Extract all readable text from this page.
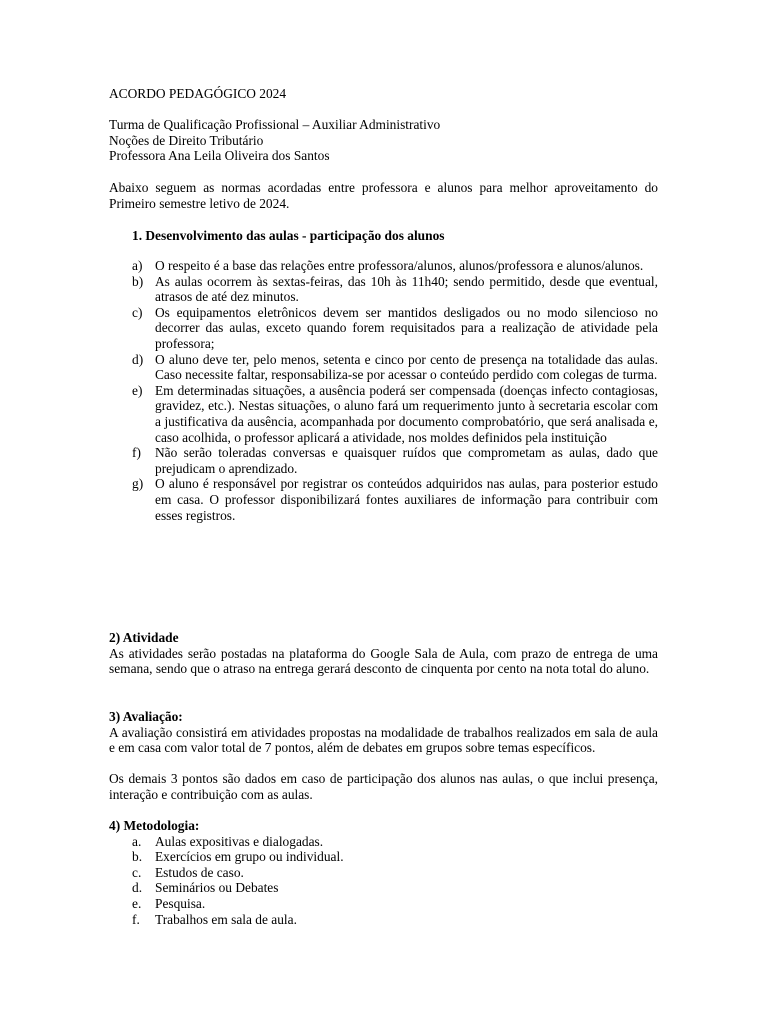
ACORDO PEDAGÓGICO 2024
Turma de Qualificação Profissional – Auxiliar Administrativo
Noções de Direito Tributário
Professora Ana Leila Oliveira dos Santos
Abaixo seguem as normas acordadas entre professora e alunos para melhor aproveitamento do Primeiro semestre letivo de 2024.
1. Desenvolvimento das aulas - participação dos alunos
a) O respeito é a base das relações entre professora/alunos, alunos/professora e alunos/alunos.
b) As aulas ocorrem às sextas-feiras, das 10h às 11h40; sendo permitido, desde que eventual, atrasos de até dez minutos.
c) Os equipamentos eletrônicos devem ser mantidos desligados ou no modo silencioso no decorrer das aulas, exceto quando forem requisitados para a realização de atividade pela professora;
d) O aluno deve ter, pelo menos, setenta e cinco por cento de presença na totalidade das aulas. Caso necessite faltar, responsabiliza-se por acessar o conteúdo perdido com colegas de turma.
e) Em determinadas situações, a ausência poderá ser compensada (doenças infecto contagiosas, gravidez, etc.). Nestas situações, o aluno fará um requerimento junto à secretaria escolar com a justificativa da ausência, acompanhada por documento comprobatório, que será analisada e, caso acolhida, o professor aplicará a atividade, nos moldes definidos pela instituição
f) Não serão toleradas conversas e quaisquer ruídos que comprometam as aulas, dado que prejudicam o aprendizado.
g) O aluno é responsável por registrar os conteúdos adquiridos nas aulas, para posterior estudo em casa. O professor disponibilizará fontes auxiliares de informação para contribuir com esses registros.
2) Atividade
As atividades serão postadas na plataforma do Google Sala de Aula, com prazo de entrega de uma semana, sendo que o atraso na entrega gerará desconto de cinquenta por cento na nota total do aluno.
3) Avaliação:
A avaliação consistirá em atividades propostas na modalidade de trabalhos realizados em sala de aula e em casa com valor total de 7 pontos, além de debates em grupos sobre temas específicos.
Os demais 3 pontos são dados em caso de participação dos alunos nas aulas, o que inclui presença, interação e contribuição com as aulas.
4) Metodologia:
a. Aulas expositivas e dialogadas.
b. Exercícios em grupo ou individual.
c. Estudos de caso.
d. Seminários ou Debates
e. Pesquisa.
f. Trabalhos em sala de aula.
